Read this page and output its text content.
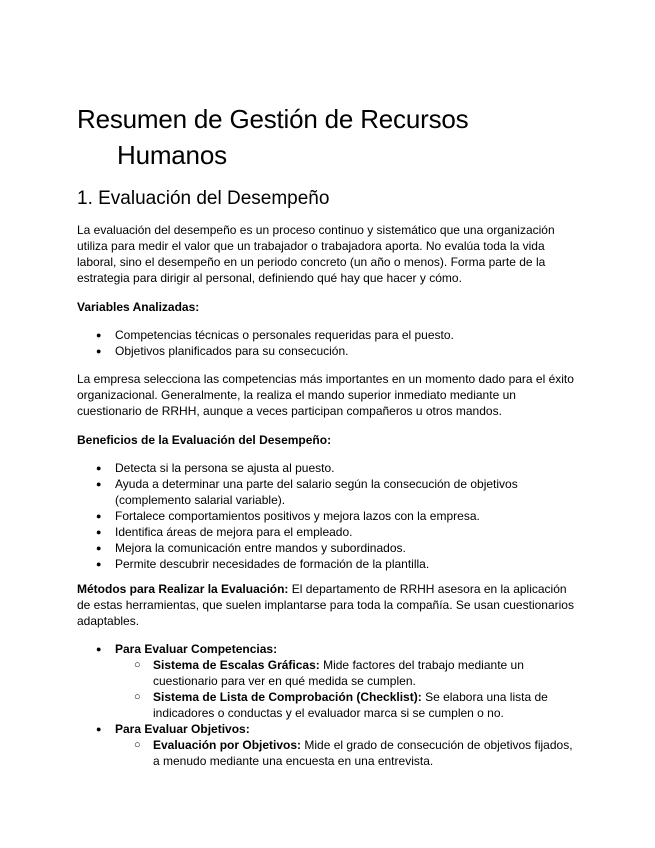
Resumen de Gestión de Recursos
Humanos
1. Evaluación del Desempeño

La evaluación del desempeño es un proceso continuo y sistemático que una organización utiliza para medir el valor que un trabajador o trabajadora aporta. No evalúa toda la vida laboral, sino el desempeño en un periodo concreto (un año o menos). Forma parte de la estrategia para dirigir al personal, definiendo qué hay que hacer y cómo.

Variables Analizadas:

● Competencias técnicas o personales requeridas para el puesto.
● Objetivos planificados para su consecución.

La empresa selecciona las competencias más importantes en un momento dado para el éxito organizacional. Generalmente, la realiza el mando superior inmediato mediante un cuestionario de RRHH, aunque a veces participan compañeros u otros mandos.

Beneficios de la Evaluación del Desempeño:

● Detecta si la persona se ajusta al puesto.
● Ayuda a determinar una parte del salario según la consecución de objetivos (complemento salarial variable).
● Fortalece comportamientos positivos y mejora lazos con la empresa.
● Identifica áreas de mejora para el empleado.
● Mejora la comunicación entre mandos y subordinados.
● Permite descubrir necesidades de formación de la plantilla.

Métodos para Realizar la Evaluación: El departamento de RRHH asesora en la aplicación de estas herramientas, que suelen implantarse para toda la compañía. Se usan cuestionarios adaptables.

● Para Evaluar Competencias:
○ Sistema de Escalas Gráficas: Mide factores del trabajo mediante un cuestionario para ver en qué medida se cumplen.
○ Sistema de Lista de Comprobación (Checklist): Se elabora una lista de indicadores o conductas y el evaluador marca si se cumplen o no.
● Para Evaluar Objetivos:
○ Evaluación por Objetivos: Mide el grado de consecución de objetivos fijados, a menudo mediante una encuesta en una entrevista.
